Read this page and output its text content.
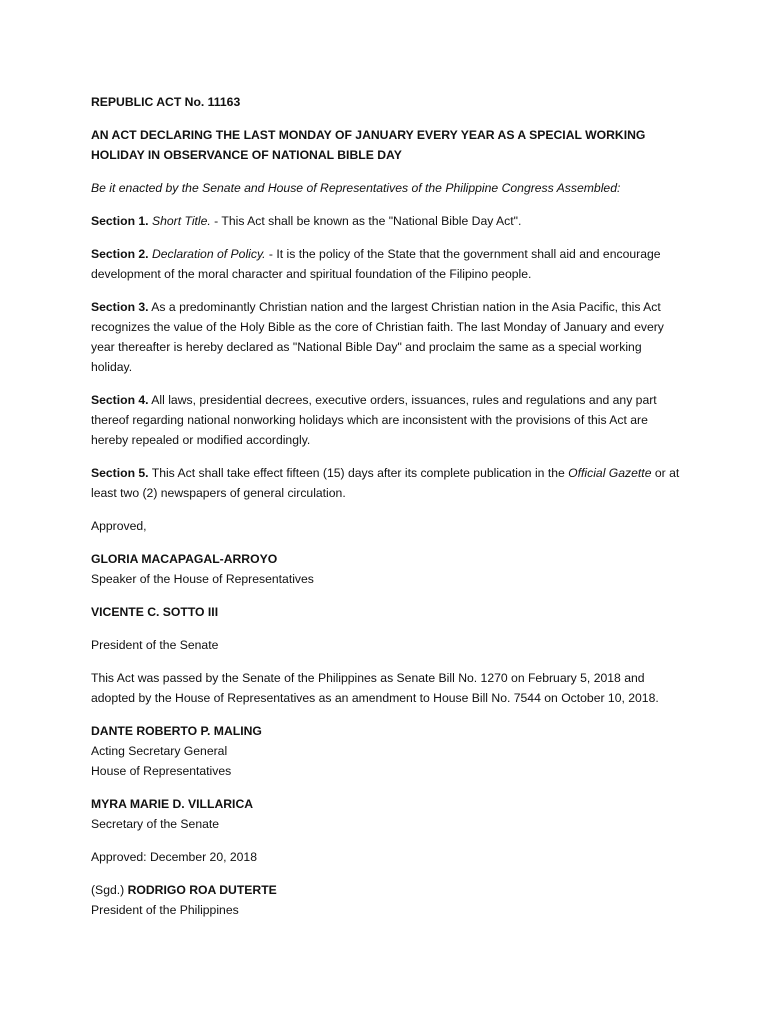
REPUBLIC ACT No. 11163

AN ACT DECLARING THE LAST MONDAY OF JANUARY EVERY YEAR AS A SPECIAL WORKING HOLIDAY IN OBSERVANCE OF NATIONAL BIBLE DAY

Be it enacted by the Senate and House of Representatives of the Philippine Congress Assembled:

Section 1. Short Title. - This Act shall be known as the "National Bible Day Act".

Section 2. Declaration of Policy. - It is the policy of the State that the government shall aid and encourage development of the moral character and spiritual foundation of the Filipino people.

Section 3. As a predominantly Christian nation and the largest Christian nation in the Asia Pacific, this Act recognizes the value of the Holy Bible as the core of Christian faith. The last Monday of January and every year thereafter is hereby declared as "National Bible Day" and proclaim the same as a special working holiday.

Section 4. All laws, presidential decrees, executive orders, issuances, rules and regulations and any part thereof regarding national nonworking holidays which are inconsistent with the provisions of this Act are hereby repealed or modified accordingly.

Section 5. This Act shall take effect fifteen (15) days after its complete publication in the Official Gazette or at least two (2) newspapers of general circulation.

Approved,

GLORIA MACAPAGAL-ARROYO

Speaker of the House of Representatives

VICENTE C. SOTTO III

President of the Senate

This Act was passed by the Senate of the Philippines as Senate Bill No. 1270 on February 5, 2018 and adopted by the House of Representatives as an amendment to House Bill No. 7544 on October 10, 2018.

DANTE ROBERTO P. MALING

Acting Secretary General

House of Representatives

MYRA MARIE D. VILLARICA

Secretary of the Senate

Approved: December 20, 2018

(Sgd.) RODRIGO ROA DUTERTE

President of the Philippines
